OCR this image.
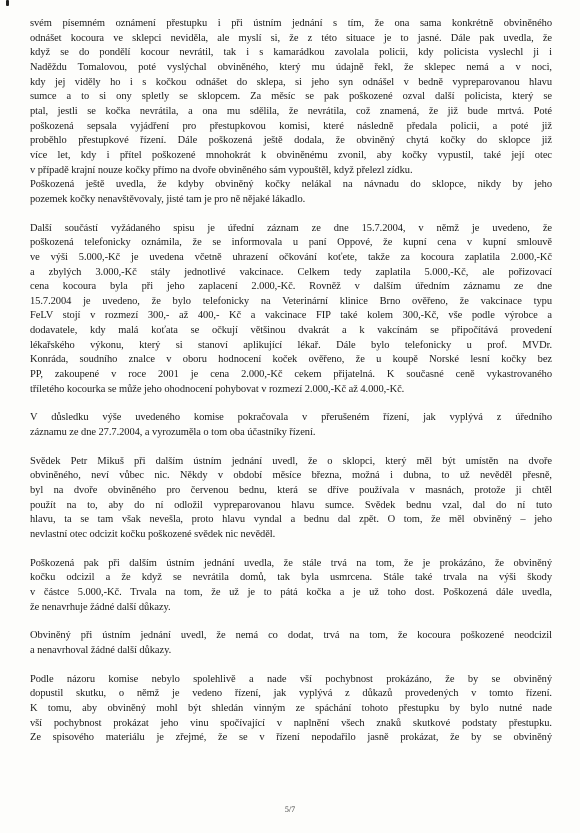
svém písemném oznámení přestupku i při ústním jednání s tím, že ona sama konkrétně obviněného
odnášet kocoura ve sklepci neviděla, ale myslí si, že z této situace je to jasné. Dále pak uvedla, že
když se do pondělí kocour nevrátil, tak i s kamarádkou zavolala policii, kdy policista vyslechl ji i
Naděždu Tomalovou, poté vyslýchal obviněného, který mu údajně řekl, že sklepec nemá a v noci,
kdy jej viděly ho i s kočkou odnášet do sklepa, si jeho syn odnášel v bedně vypreparovanou hlavu
sumce a to si ony spletly se sklopcem. Za měsíc se pak poškozené ozval další policista, který se
ptal, jestli se kočka nevrátila, a ona mu sdělila, že nevrátila, což znamená, že již bude mrtvá. Poté
poškozená sepsala vyjádření pro přestupkovou komisi, které následně předala policii, a poté již
proběhlo přestupkové řízení. Dále poškozená ještě dodala, že obviněný chytá kočky do sklopce již
více let, kdy i přítel poškozené mnohokrát k obviněnému zvonil, aby kočky vypustil, také její otec
v případě krajní nouze kočky přímo na dvoře obviněného sám vypouštěl, když přelezl zídku.
Poškozená ještě uvedla, že kdyby obviněný kočky nelákal na návnadu do sklopce, nikdy by jeho
pozemek kočky nenavštěvovaly, jisté tam je pro ně nějaké lákadlo.

Další součástí vyžádaného spisu je úřední záznam ze dne 15.7.2004, v němž je uvedeno, že
poškozená telefonicky oznámila, že se informovala u paní Oppové, že kupní cena v kupní smlouvě
ve výši 5.000,-Kč je uvedena včetně uhrazení očkování koťete, takže za kocoura zaplatila 2.000,-Kč
a zbylých 3.000,-Kč stály jednotlivé vakcinace. Celkem tedy zaplatila 5.000,-Kč, ale pořizovací
cena kocoura byla při jeho zaplacení 2.000,-Kč. Rovněž v dalším úředním záznamu ze dne
15.7.2004 je uvedeno, že bylo telefonicky na Veterinární klinice Brno ověřeno, že vakcinace typu
FeLV stojí v rozmezí 300,- až 400,- Kč a vakcinace FIP také kolem 300,-Kč, vše podle výrobce a
dodavatele, kdy malá koťata se očkují většinou dvakrát a k vakcínám se připočítává provedení
lékařského výkonu, který si stanoví aplikující lékař. Dále bylo telefonicky u prof. MVDr.
Konráda, soudního znalce v oboru hodnocení koček ověřeno, že u koupě Norské lesní kočky bez
PP, zakoupené v roce 2001 je cena 2.000,-Kč cekem přijatelná. K současné ceně vykastrovaného
tříletého kocourka se může jeho ohodnocení pohybovat v rozmezí 2.000,-Kč až 4.000,-Kč.

V důsledku výše uvedeného komise pokračovala v přerušeném řízení, jak vyplývá z úředního
záznamu ze dne 27.7.2004, a vyrozuměla o tom oba účastníky řízení.

Svědek Petr Mikuš při dalším ústním jednání uvedl, že o sklopci, který měl být umístěn na dvoře
obviněného, neví vůbec nic. Někdy v období měsíce března, možná i dubna, to už nevěděl přesně,
byl na dvoře obviněného pro červenou bednu, která se dříve používala v masnách, protože ji chtěl
použít na to, aby do ní odložil vypreparovanou hlavu sumce. Svědek bednu vzal, dal do ní tuto
hlavu, ta se tam však nevešla, proto hlavu vyndal a bednu dal zpět. O tom, že měl obviněný – jeho
nevlastní otec odcizit kočku poškozené svědek nic nevěděl.

Poškozená pak při dalším ústním jednání uvedla, že stále trvá na tom, že je prokázáno, že obviněný
kočku odcizil a že když se nevrátila domů, tak byla usmrcena. Stále také trvala na výši škody
v částce 5.000,-Kč. Trvala na tom, že už je to pátá kočka a je už toho dost. Poškozená dále uvedla,
že nenavrhuje žádné další důkazy.

Obviněný při ústním jednání uvedl, že nemá co dodat, trvá na tom, že kocoura poškozené neodcizil
a nenavrhoval žádné další důkazy.

Podle názoru komise nebylo spolehlivě a nade vší pochybnost prokázáno, že by se obviněný
dopustil skutku, o němž je vedeno řízení, jak vyplývá z důkazů provedených v tomto řízení.
K tomu, aby obviněný mohl být shledán vinným ze spáchání tohoto přestupku by bylo nutné nade
vší pochybnost prokázat jeho vinu spočívající v naplnění všech znaků skutkové podstaty přestupku.
Ze spisového materiálu je zřejmé, že se v řízení nepodařilo jasně prokázat, že by se obviněný

5/7
